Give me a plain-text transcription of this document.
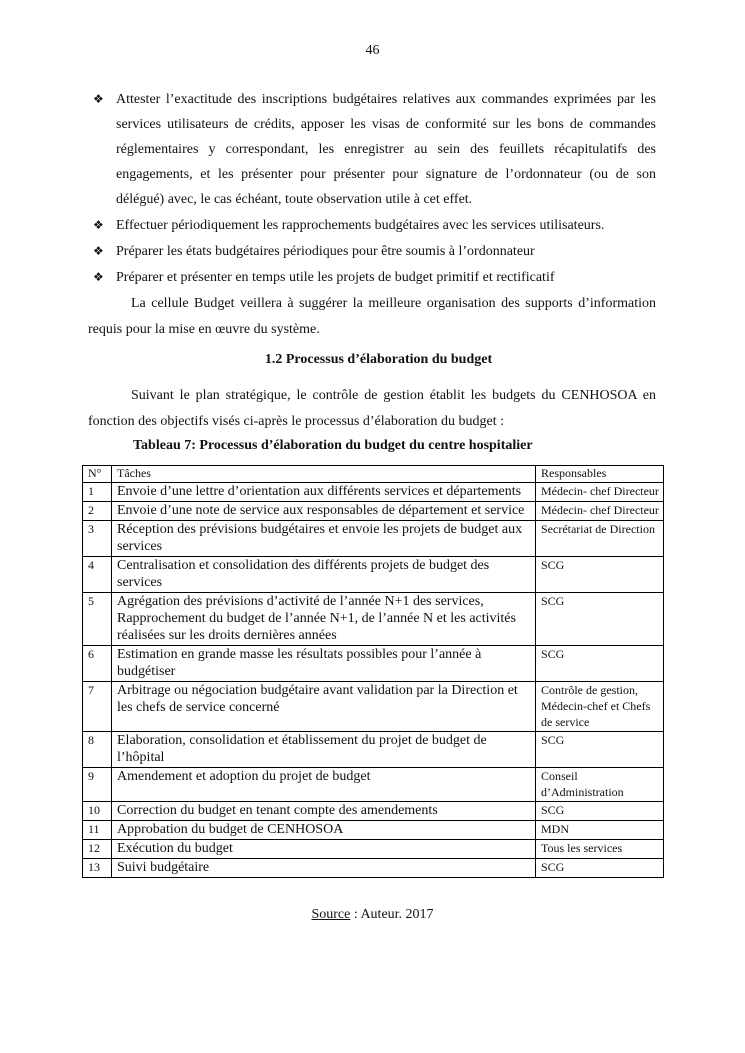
46
❖ Attester l’exactitude des inscriptions budgétaires relatives aux commandes exprimées par les services utilisateurs de crédits, apposer les visas de conformité sur les bons de commandes réglementaires y correspondant, les enregistrer au sein des feuillets récapitulatifs des engagements, et les présenter pour présenter pour signature de l’ordonnateur (ou de son délégué) avec, le cas échéant, toute observation utile à cet effet.
❖ Effectuer périodiquement les rapprochements budgétaires avec les services utilisateurs.
❖ Préparer les états budgétaires périodiques pour être soumis à l’ordonnateur
❖ Préparer et présenter en temps utile les projets de budget primitif et rectificatif

La cellule Budget veillera à suggérer la meilleure organisation des supports d’information requis pour la mise en œuvre du système.

1.2 Processus d’élaboration du budget

Suivant le plan stratégique, le contrôle de gestion établit les budgets du CENHOSOA en fonction des objectifs visés ci-après le processus d’élaboration du budget :

Tableau 7: Processus d’élaboration du budget du centre hospitalier
N°	Tâches	Responsables
1	Envoie d’une lettre d’orientation aux différents services et départements	Médecin- chef Directeur
2	Envoie d’une note de service aux responsables de département et service	Médecin- chef Directeur
3	Réception des prévisions budgétaires et envoie les projets de budget aux services	Secrétariat de Direction
4	Centralisation et consolidation des différents projets de budget des services	SCG
5	Agrégation des prévisions d’activité de l’année N+1 des services, Rapprochement du budget de l’année N+1, de l’année N et les activités réalisées sur les droits dernières années	SCG
6	Estimation en grande masse les résultats possibles pour l’année à budgétiser	SCG
7	Arbitrage ou négociation budgétaire avant validation par la Direction et les chefs de service concerné	Contrôle de gestion, Médecin-chef et Chefs de service
8	Elaboration, consolidation et établissement du projet de budget de l’hôpital	SCG
9	Amendement et adoption du projet de budget	Conseil d’Administration
10	Correction du budget en tenant compte des amendements	SCG
11	Approbation du budget de CENHOSOA	MDN
12	Exécution du budget	Tous les services
13	Suivi budgétaire	SCG
Source : Auteur. 2017
